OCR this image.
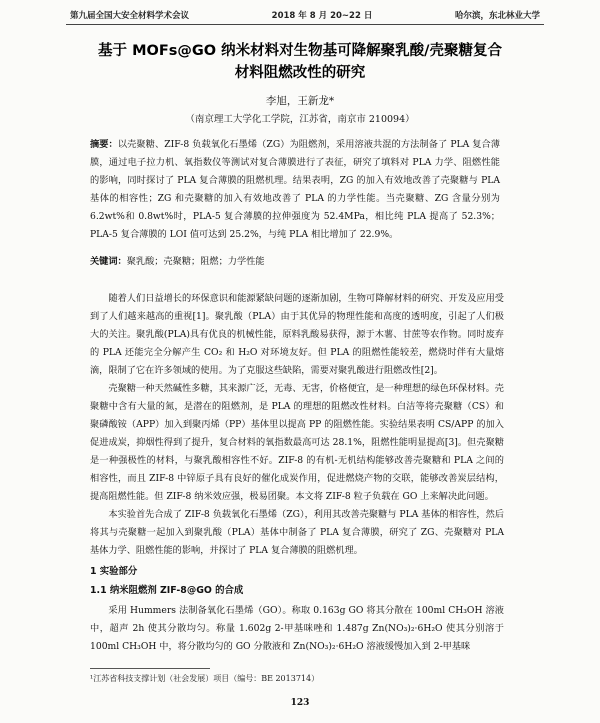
第九届全国大安全材料学术会议	2018 年 8 月 20~22 日	哈尔滨，东北林业大学
基于 MOFs@GO 纳米材料对生物基可降解聚乳酸/壳聚糖复合
材料阻燃改性的研究
李旭，王新龙*
（南京理工大学化工学院，江苏省，南京市 210094）
摘要：以壳聚糖、ZIF-8 负载氧化石墨烯（ZG）为阻燃剂，采用溶液共混的方法制备了 PLA 复合薄膜，通过电子拉力机、氧指数仪等测试对复合薄膜进行了表征，研究了填料对 PLA 力学、阻燃性能的影响，同时探讨了 PLA 复合薄膜的阻燃机理。结果表明，ZG 的加入有效地改善了壳聚糖与 PLA 基体的相容性；ZG 和壳聚糖的加入有效地改善了 PLA 的力学性能。当壳聚糖、ZG 含量分别为 6.2wt%和 0.8wt%时，PLA-5 复合薄膜的拉伸强度为 52.4MPa，相比纯 PLA 提高了 52.3%；PLA-5 复合薄膜的 LOI 值可达到 25.2%，与纯 PLA 相比增加了 22.9%。
关键词：聚乳酸；壳聚糖；阻燃；力学性能

随着人们日益增长的环保意识和能源紧缺问题的逐渐加剧，生物可降解材料的研究、开发及应用受到了人们越来越高的重视[1]。聚乳酸（PLA）由于其优异的物理性能和高度的透明度，引起了人们极大的关注。聚乳酸(PLA)具有优良的机械性能，原料乳酸易获得，源于木薯、甘蔗等农作物。同时废弃的 PLA 还能完全分解产生 CO₂ 和 H₂O 对环境友好。但 PLA 的阻燃性能较差，燃烧时伴有大量熔滴，限制了它在许多领域的使用。为了克服这些缺陷，需要对聚乳酸进行阻燃改性[2]。

壳聚糖一种天然碱性多糖，其来源广泛，无毒、无害，价格便宜，是一种理想的绿色环保材料。壳聚糖中含有大量的氮，是潜在的阻燃剂，是 PLA 的理想的阻燃改性材料。白洁等将壳聚糖（CS）和聚磷酸铵（APP）加入到聚丙烯（PP）基体里以提高 PP 的阻燃性能。实验结果表明 CS/APP 的加入促进成炭，抑烟性得到了提升，复合材料的氧指数最高可达 28.1%，阻燃性能明显提高[3]。但壳聚糖是一种强极性的材料，与聚乳酸相容性不好。ZIF-8 的有机-无机结构能够改善壳聚糖和 PLA 之间的相容性，而且 ZIF-8 中锌原子具有良好的催化成炭作用，促进燃烧产物的交联，能够改善炭层结构，提高阻燃性能。但 ZIF-8 纳米效应强，极易团聚。本文将 ZIF-8 粒子负载在 GO 上来解决此问题。

本实验首先合成了 ZIF-8 负载氧化石墨烯（ZG），利用其改善壳聚糖与 PLA 基体的相容性，然后将其与壳聚糖一起加入到聚乳酸（PLA）基体中制备了 PLA 复合薄膜，研究了 ZG、壳聚糖对 PLA 基体力学、阻燃性能的影响，并探讨了 PLA 复合薄膜的阻燃机理。

1 实验部分
1.1 纳米阻燃剂 ZIF-8@GO 的合成

采用 Hummers 法制备氧化石墨烯（GO）。称取 0.163g GO 将其分散在 100ml CH₃OH 溶液中，超声 2h 使其分散均匀。称量 1.602g 2-甲基咪唑和 1.487g Zn(NO₃)₂·6H₂O 使其分别溶于 100ml CH₃OH 中，将分散均匀的 GO 分散液和 Zn(NO₃)₂·6H₂O 溶液缓慢加入到 2-甲基咪

¹江苏省科技支撑计划（社会发展）项目（编号：BE 2013714）
123
